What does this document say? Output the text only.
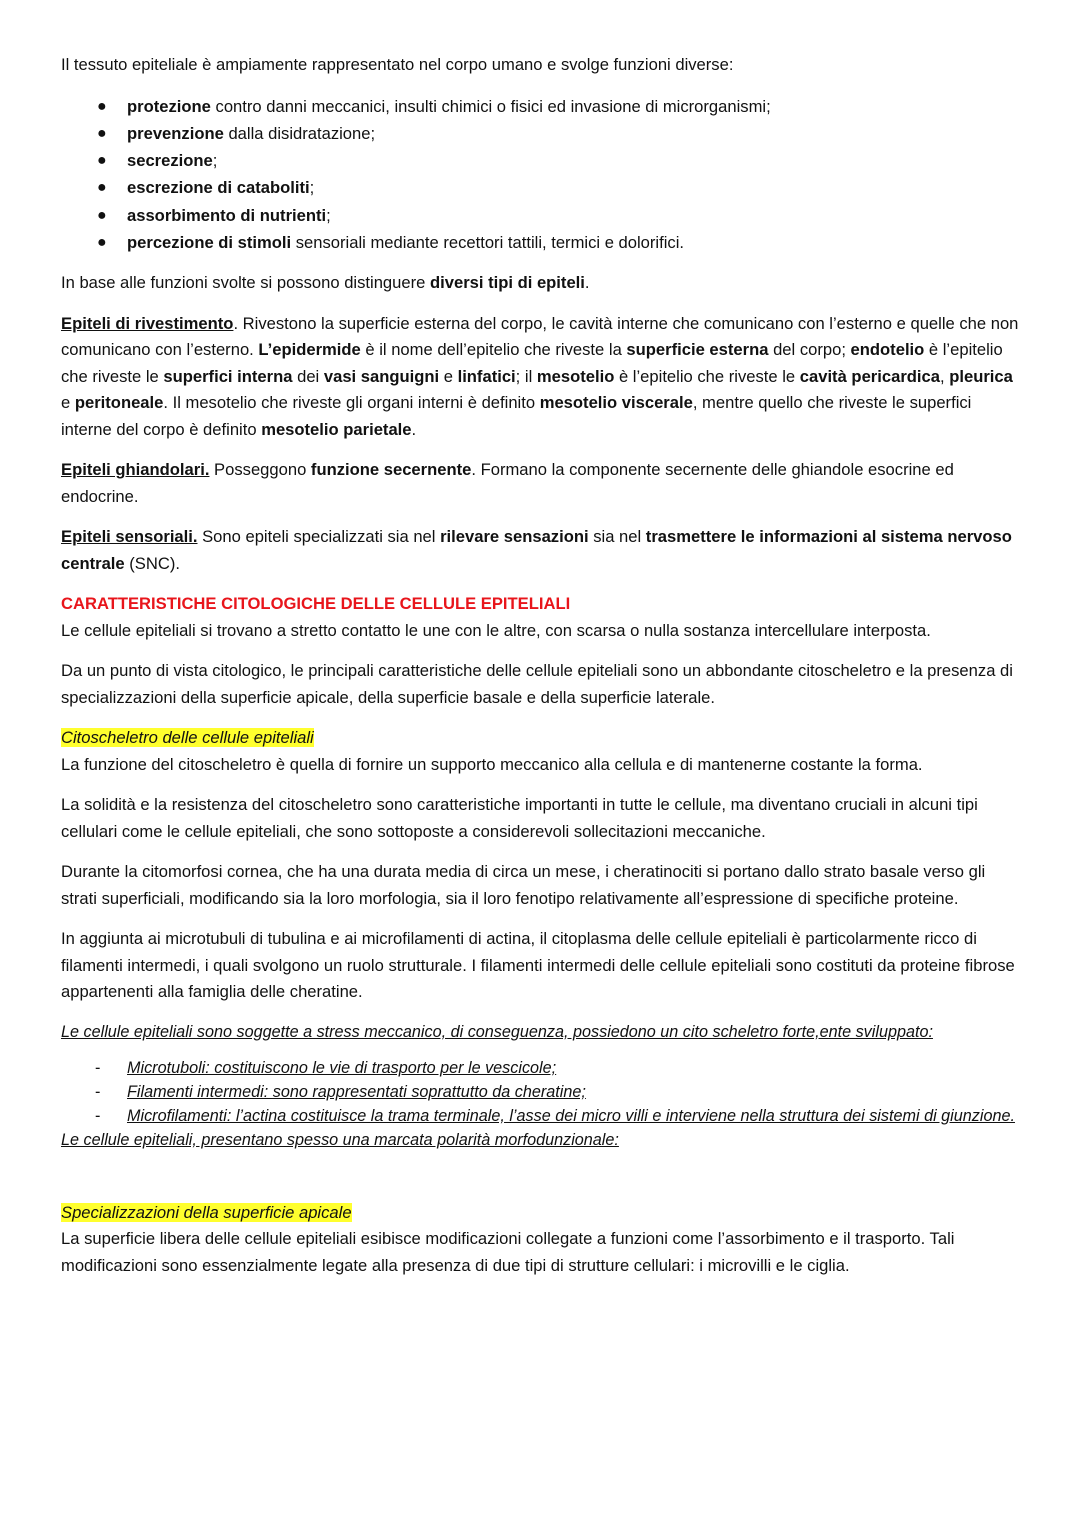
Il tessuto epiteliale è ampiamente rappresentato nel corpo umano e svolge funzioni diverse:

● protezione contro danni meccanici, insulti chimici o fisici ed invasione di microrganismi;
● prevenzione dalla disidratazione;
● secrezione;
● escrezione di cataboliti;
● assorbimento di nutrienti;
● percezione di stimoli sensoriali mediante recettori tattili, termici e dolorifici.

In base alle funzioni svolte si possono distinguere diversi tipi di epiteli.

Epiteli di rivestimento. Rivestono la superficie esterna del corpo, le cavità interne che comunicano con l’esterno e quelle che non comunicano con l’esterno. L’epidermide è il nome dell’epitelio che riveste la superficie esterna del corpo; endotelio è l’epitelio che riveste le superfici interna dei vasi sanguigni e linfatici; il mesotelio è l’epitelio che riveste le cavità pericardica, pleurica e peritoneale. Il mesotelio che riveste gli organi interni è definito mesotelio viscerale, mentre quello che riveste le superfici interne del corpo è definito mesotelio parietale.

Epiteli ghiandolari. Posseggono funzione secernente. Formano la componente secernente delle ghiandole esocrine ed endocrine.

Epiteli sensoriali. Sono epiteli specializzati sia nel rilevare sensazioni sia nel trasmettere le informazioni al sistema nervoso centrale (SNC).

CARATTERISTICHE CITOLOGICHE DELLE CELLULE EPITELIALI

Le cellule epiteliali si trovano a stretto contatto le une con le altre, con scarsa o nulla sostanza intercellulare interposta.

Da un punto di vista citologico, le principali caratteristiche delle cellule epiteliali sono un abbondante citoscheletro e la presenza di specializzazioni della superficie apicale, della superficie basale e della superficie laterale.

Citoscheletro delle cellule epiteliali

La funzione del citoscheletro è quella di fornire un supporto meccanico alla cellula e di mantenerne costante la forma.

La solidità e la resistenza del citoscheletro sono caratteristiche importanti in tutte le cellule, ma diventano cruciali in alcuni tipi cellulari come le cellule epiteliali, che sono sottoposte a considerevoli sollecitazioni meccaniche.

Durante la citomorfosi cornea, che ha una durata media di circa un mese, i cheratinociti si portano dallo strato basale verso gli strati superficiali, modificando sia la loro morfologia, sia il loro fenotipo relativamente all’espressione di specifiche proteine.

In aggiunta ai microtubuli di tubulina e ai microfilamenti di actina, il citoplasma delle cellule epiteliali è particolarmente ricco di filamenti intermedi, i quali svolgono un ruolo strutturale. I filamenti intermedi delle cellule epiteliali sono costituti da proteine fibrose appartenenti alla famiglia delle cheratine.

Le cellule epiteliali sono soggette a stress meccanico, di conseguenza, possiedono un cito scheletro forte,ente sviluppato:

- Microtuboli: costituiscono le vie di trasporto per le vescicole;
- Filamenti intermedi: sono rappresentati soprattutto da cheratine;
- Microfilamenti: l’actina costituisce la trama terminale, l’asse dei micro villi e interviene nella struttura dei sistemi di giunzione.

Le cellule epiteliali, presentano spesso una marcata polarità morfodunzionale:

Specializzazioni della superficie apicale

La superficie libera delle cellule epiteliali esibisce modificazioni collegate a funzioni come l’assorbimento e il trasporto. Tali modificazioni sono essenzialmente legate alla presenza di due tipi di strutture cellulari: i microvilli e le ciglia.
